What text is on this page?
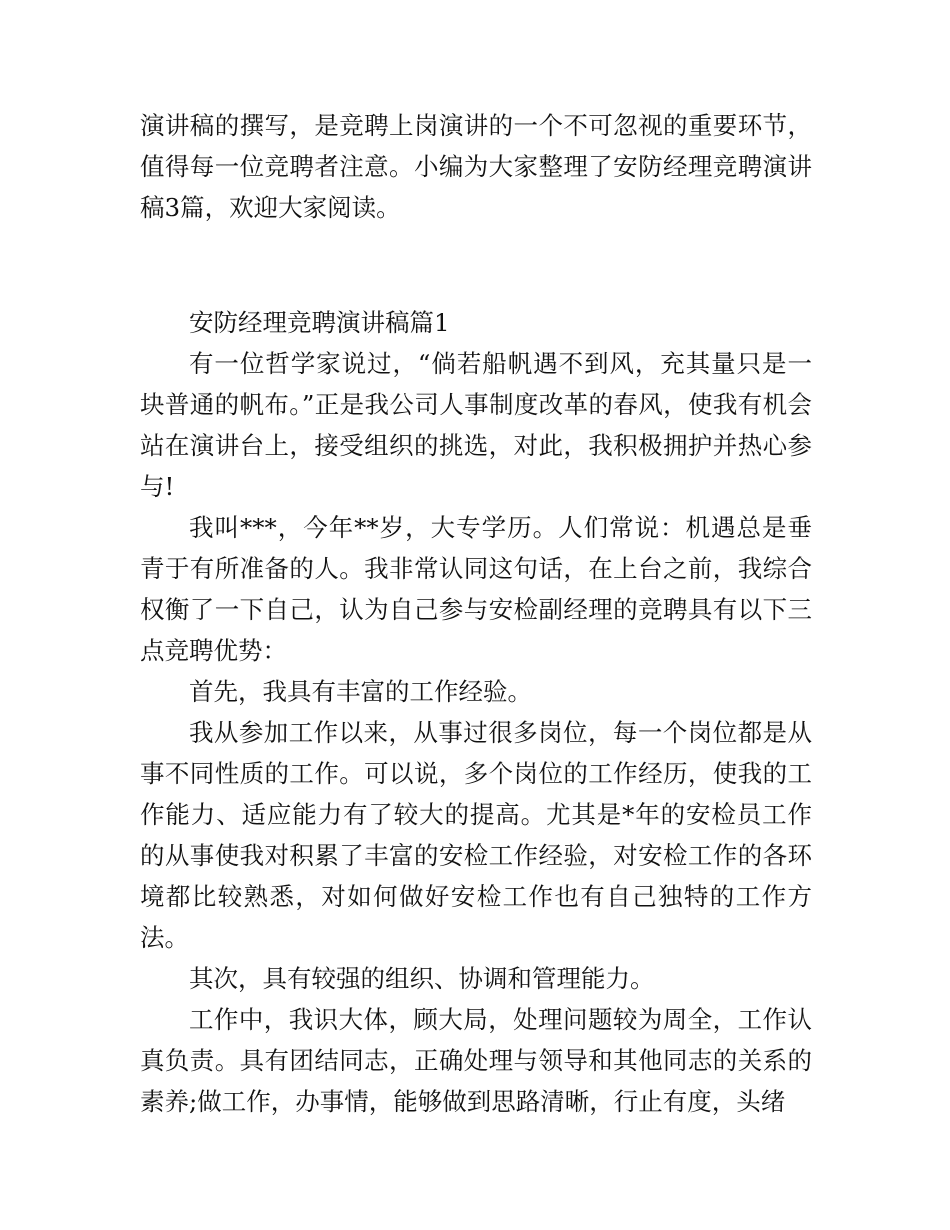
演讲稿的撰写，是竞聘上岗演讲的一个不可忽视的重要环节，值得每一位竞聘者注意。小编为大家整理了安防经理竞聘演讲稿3篇，欢迎大家阅读。

安防经理竞聘演讲稿篇1

有一位哲学家说过，“倘若船帆遇不到风，充其量只是一块普通的帆布。”正是我公司人事制度改革的春风，使我有机会站在演讲台上，接受组织的挑选，对此，我积极拥护并热心参与!

我叫***，今年**岁，大专学历。人们常说：机遇总是垂青于有所准备的人。我非常认同这句话，在上台之前，我综合权衡了一下自己，认为自己参与安检副经理的竞聘具有以下三点竞聘优势：

首先，我具有丰富的工作经验。

我从参加工作以来，从事过很多岗位，每一个岗位都是从事不同性质的工作。可以说，多个岗位的工作经历，使我的工作能力、适应能力有了较大的提高。尤其是*年的安检员工作的从事使我对积累了丰富的安检工作经验，对安检工作的各环境都比较熟悉，对如何做好安检工作也有自己独特的工作方法。

其次，具有较强的组织、协调和管理能力。

工作中，我识大体，顾大局，处理问题较为周全，工作认真负责。具有团结同志，正确处理与领导和其他同志的关系的素养;做工作，办事情，能够做到思路清晰，行止有度，头绪
